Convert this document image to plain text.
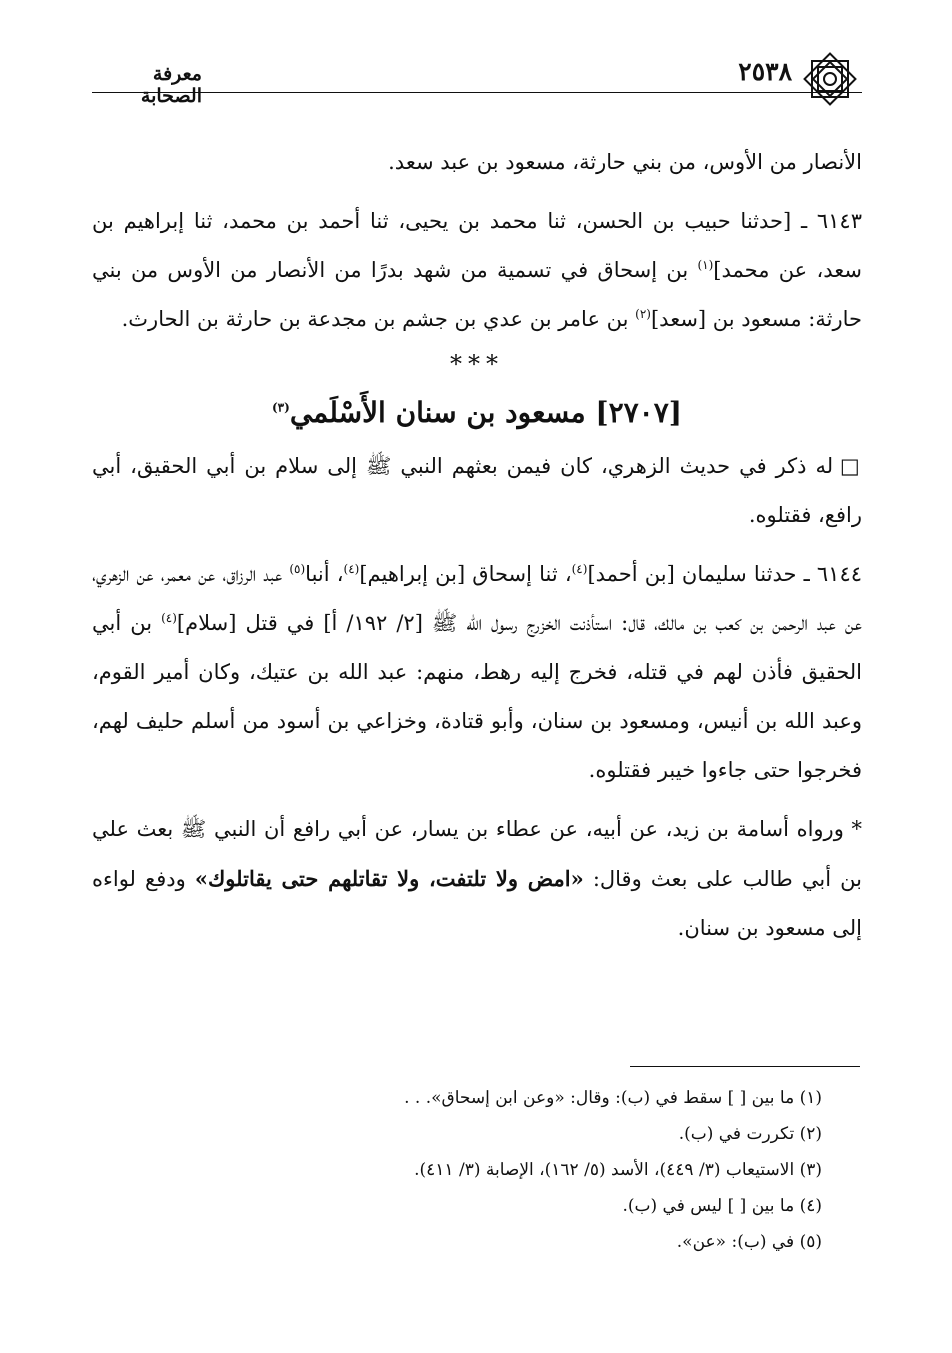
معرفة الصحابة
٢٥٣٨

الأنصار من الأوس، من بني حارثة، مسعود بن عبد سعد.

٦١٤٣ ـ [حدثنا حبيب بن الحسن، ثنا محمد بن يحيى، ثنا أحمد بن محمد، ثنا إبراهيم بن سعد، عن محمد]$^{(١)}$ بن إسحاق في تسمية من شهد بدرًا من الأنصار من الأوس من بني حارثة: مسعود بن [سعد]$^{(٢)}$ بن عامر بن عدي بن جشم بن مجدعة بن حارثة بن الحارث.

***

[٢٧٠٧] مسعود بن سنان الأَسْلَمي$^{(٣)}$

□ له ذكر في حديث الزهري، كان فيمن بعثهم النبي ﷺ إلى سلام بن أبي الحقيق، أبي رافع، فقتلوه.

٦١٤٤ ـ حدثنا سليمان [بن أحمد]$^{(٤)}$، ثنا إسحاق [بن إبراهيم]$^{(٤)}$، أنبا$^{(٥)}$ عبد الرزاق، عن معمر، عن الزهري، عن عبد الرحمن بن كعب بن مالك، قال: استأذنت الخزرج رسول الله ﷺ [٢/ ١٩٢/ أ] في قتل [سلام]$^{(٤)}$ بن أبي الحقيق فأذن لهم في قتله، فخرج إليه رهط، منهم: عبد الله بن عتيك، وكان أمير القوم، وعبد الله بن أنيس، ومسعود بن سنان، وأبو قتادة، وخزاعي بن أسود من أسلم حليف لهم، فخرجوا حتى جاءوا خيبر فقتلوه.

* ورواه أسامة بن زيد، عن أبيه، عن عطاء بن يسار، عن أبي رافع أن النبي ﷺ بعث علي بن أبي طالب على بعث وقال: «امض ولا تلتفت، ولا تقاتلهم حتى يقاتلوك» ودفع لواءه إلى مسعود بن سنان.

(١) ما بين [ ] سقط في (ب): وقال: «وعن ابن إسحاق». . .
(٢) تكررت في (ب).
(٣) الاستيعاب (٣/ ٤٤٩)، الأسد (٥/ ١٦٢)، الإصابة (٣/ ٤١١).
(٤) ما بين [ ] ليس في (ب).
(٥) في (ب): «عن».
